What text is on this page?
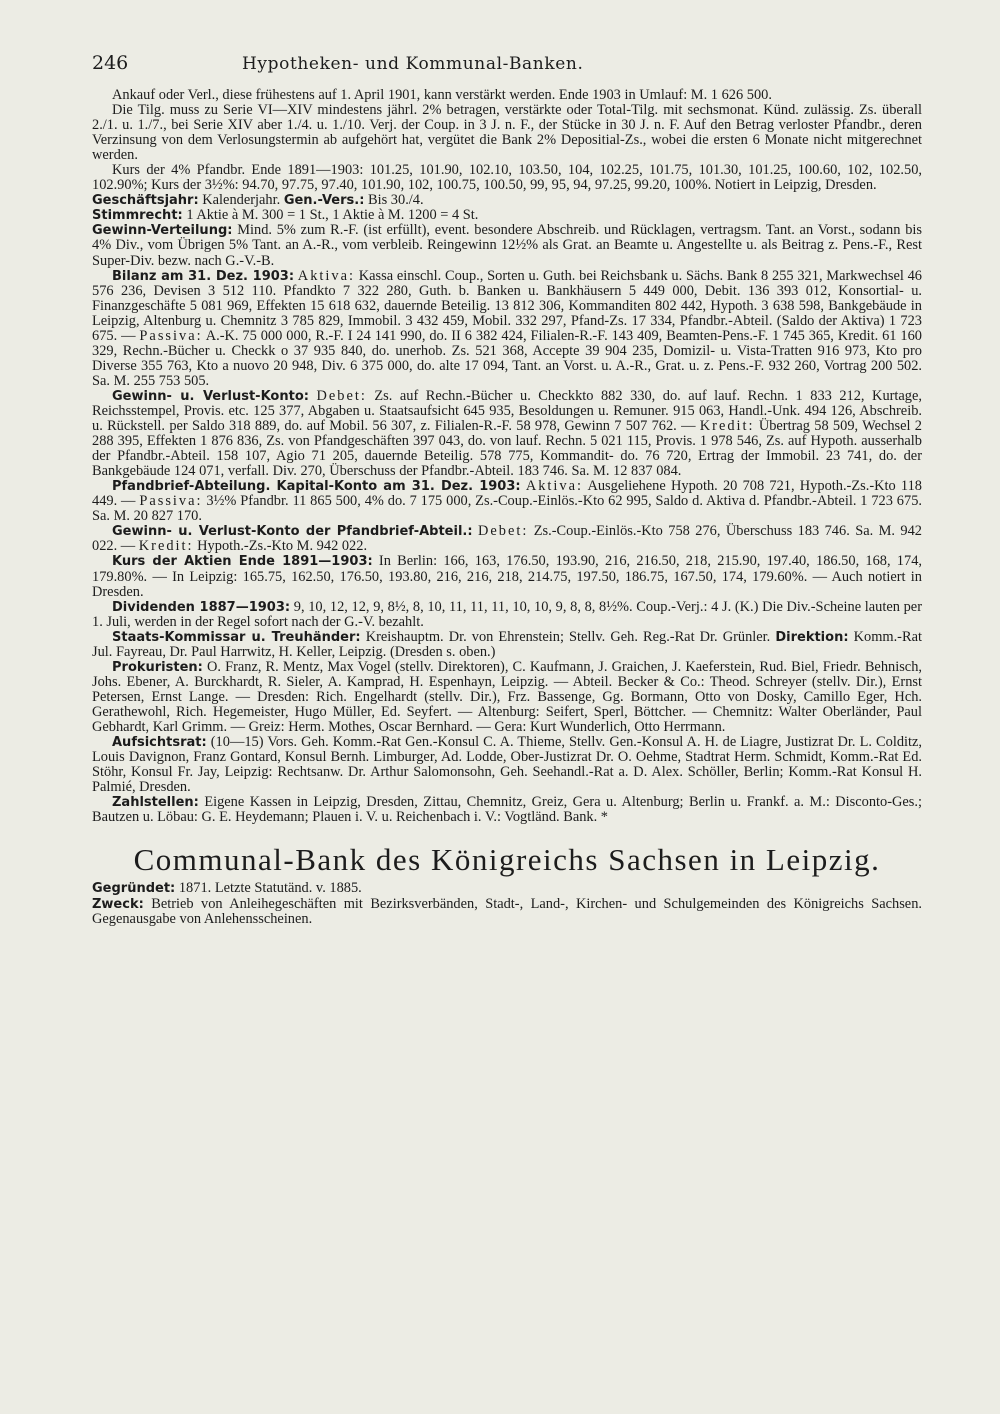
246	Hypotheken- und Kommunal-Banken.

Ankauf oder Verl., diese frühestens auf 1. April 1901, kann verstärkt werden. Ende 1903 in Umlauf: M. 1 626 500.

Die Tilg. muss zu Serie VI—XIV mindestens jährl. 2% betragen, verstärkte oder Total-Tilg. mit sechsmonat. Künd. zulässig. Zs. überall 2./1. u. 1./7., bei Serie XIV aber 1./4. u. 1./10. Verj. der Coup. in 3 J. n. F., der Stücke in 30 J. n. F. Auf den Betrag verloster Pfandbr., deren Verzinsung von dem Verlosungstermin ab aufgehört hat, vergütet die Bank 2% Depositial-Zs., wobei die ersten 6 Monate nicht mitgerechnet werden.

Kurs der 4% Pfandbr. Ende 1891—1903: 101.25, 101.90, 102.10, 103.50, 104, 102.25, 101.75, 101.30, 101.25, 100.60, 102, 102.50, 102.90%; Kurs der 3½%: 94.70, 97.75, 97.40, 101.90, 102, 100.75, 100.50, 99, 95, 94, 97.25, 99.20, 100%. Notiert in Leipzig, Dresden.

Geschäftsjahr: Kalenderjahr. Gen.-Vers.: Bis 30./4.

Stimmrecht: 1 Aktie à M. 300 = 1 St., 1 Aktie à M. 1200 = 4 St.

Gewinn-Verteilung: Mind. 5% zum R.-F. (ist erfüllt), event. besondere Abschreib. und Rücklagen, vertragsm. Tant. an Vorst., sodann bis 4% Div., vom Übrigen 5% Tant. an A.-R., vom verbleib. Reingewinn 12½% als Grat. an Beamte u. Angestellte u. als Beitrag z. Pens.-F., Rest Super-Div. bezw. nach G.-V.-B.

Bilanz am 31. Dez. 1903: Aktiva: Kassa einschl. Coup., Sorten u. Guth. bei Reichsbank u. Sächs. Bank 8 255 321, Markwechsel 46 576 236, Devisen 3 512 110. Pfandkto 7 322 280, Guth. b. Banken u. Bankhäusern 5 449 000, Debit. 136 393 012, Konsortial- u. Finanzgeschäfte 5 081 969, Effekten 15 618 632, dauernde Beteilig. 13 812 306, Kommanditen 802 442, Hypoth. 3 638 598, Bankgebäude in Leipzig, Altenburg u. Chemnitz 3 785 829, Immobil. 3 432 459, Mobil. 332 297, Pfand-Zs. 17 334, Pfandbr.-Abteil. (Saldo der Aktiva) 1 723 675. — Passiva: A.-K. 75 000 000, R.-F. I 24 141 990, do. II 6 382 424, Filialen-R.-F. 143 409, Beamten-Pens.-F. 1 745 365, Kredit. 61 160 329, Rechn.-Bücher u. Checkk o 37 935 840, do. unerhob. Zs. 521 368, Accepte 39 904 235, Domizil- u. Vista-Tratten 916 973, Kto pro Diverse 355 763, Kto a nuovo 20 948, Div. 6 375 000, do. alte 17 094, Tant. an Vorst. u. A.-R., Grat. u. z. Pens.-F. 932 260, Vortrag 200 502. Sa. M. 255 753 505.

Gewinn- u. Verlust-Konto: Debet: Zs. auf Rechn.-Bücher u. Checkkto 882 330, do. auf lauf. Rechn. 1 833 212, Kurtage, Reichsstempel, Provis. etc. 125 377, Abgaben u. Staatsaufsicht 645 935, Besoldungen u. Remuner. 915 063, Handl.-Unk. 494 126, Abschreib. u. Rückstell. per Saldo 318 889, do. auf Mobil. 56 307, z. Filialen-R.-F. 58 978, Gewinn 7 507 762. — Kredit: Übertrag 58 509, Wechsel 2 288 395, Effekten 1 876 836, Zs. von Pfandgeschäften 397 043, do. von lauf. Rechn. 5 021 115, Provis. 1 978 546, Zs. auf Hypoth. ausserhalb der Pfandbr.-Abteil. 158 107, Agio 71 205, dauernde Beteilig. 578 775, Kommandit- do. 76 720, Ertrag der Immobil. 23 741, do. der Bankgebäude 124 071, verfall. Div. 270, Überschuss der Pfandbr.-Abteil. 183 746. Sa. M. 12 837 084.

Pfandbrief-Abteilung. Kapital-Konto am 31. Dez. 1903: Aktiva: Ausgeliehene Hypoth. 20 708 721, Hypoth.-Zs.-Kto 118 449. — Passiva: 3½% Pfandbr. 11 865 500, 4% do. 7 175 000, Zs.-Coup.-Einlös.-Kto 62 995, Saldo d. Aktiva d. Pfandbr.-Abteil. 1 723 675. Sa. M. 20 827 170.

Gewinn- u. Verlust-Konto der Pfandbrief-Abteil.: Debet: Zs.-Coup.-Einlös.-Kto 758 276, Überschuss 183 746. Sa. M. 942 022. — Kredit: Hypoth.-Zs.-Kto M. 942 022.

Kurs der Aktien Ende 1891—1903: In Berlin: 166, 163, 176.50, 193.90, 216, 216.50, 218, 215.90, 197.40, 186.50, 168, 174, 179.80%. — In Leipzig: 165.75, 162.50, 176.50, 193.80, 216, 216, 218, 214.75, 197.50, 186.75, 167.50, 174, 179.60%. — Auch notiert in Dresden.

Dividenden 1887—1903: 9, 10, 12, 12, 9, 8½, 8, 10, 11, 11, 11, 10, 10, 9, 8, 8, 8½%. Coup.-Verj.: 4 J. (K.) Die Div.-Scheine lauten per 1. Juli, werden in der Regel sofort nach der G.-V. bezahlt.

Staats-Kommissar u. Treuhänder: Kreishauptm. Dr. von Ehrenstein; Stellv. Geh. Reg.-Rat Dr. Grünler. Direktion: Komm.-Rat Jul. Fayreau, Dr. Paul Harrwitz, H. Keller, Leipzig. (Dresden s. oben.)

Prokuristen: O. Franz, R. Mentz, Max Vogel (stellv. Direktoren), C. Kaufmann, J. Graichen, J. Kaeferstein, Rud. Biel, Friedr. Behnisch, Johs. Ebener, A. Burckhardt, R. Sieler, A. Kamprad, H. Espenhayn, Leipzig. — Abteil. Becker & Co.: Theod. Schreyer (stellv. Dir.), Ernst Petersen, Ernst Lange. — Dresden: Rich. Engelhardt (stellv. Dir.), Frz. Bassenge, Gg. Bormann, Otto von Dosky, Camillo Eger, Hch. Gerathewohl, Rich. Hegemeister, Hugo Müller, Ed. Seyfert. — Altenburg: Seifert, Sperl, Böttcher. — Chemnitz: Walter Oberländer, Paul Gebhardt, Karl Grimm. — Greiz: Herm. Mothes, Oscar Bernhard. — Gera: Kurt Wunderlich, Otto Herrmann.

Aufsichtsrat: (10—15) Vors. Geh. Komm.-Rat Gen.-Konsul C. A. Thieme, Stellv. Gen.-Konsul A. H. de Liagre, Justizrat Dr. L. Colditz, Louis Davignon, Franz Gontard, Konsul Bernh. Limburger, Ad. Lodde, Ober-Justizrat Dr. O. Oehme, Stadtrat Herm. Schmidt, Komm.-Rat Ed. Stöhr, Konsul Fr. Jay, Leipzig: Rechtsanw. Dr. Arthur Salomonsohn, Geh. Seehandl.-Rat a. D. Alex. Schöller, Berlin; Komm.-Rat Konsul H. Palmié, Dresden.

Zahlstellen: Eigene Kassen in Leipzig, Dresden, Zittau, Chemnitz, Greiz, Gera u. Altenburg; Berlin u. Frankf. a. M.: Disconto-Ges.; Bautzen u. Löbau: G. E. Heydemann; Plauen i. V. u. Reichenbach i. V.: Vogtländ. Bank. *

Communal-Bank des Königreichs Sachsen in Leipzig.

Gegründet: 1871. Letzte Statutänd. v. 1885.

Zweck: Betrieb von Anleihegeschäften mit Bezirksverbänden, Stadt-, Land-, Kirchen- und Schulgemeinden des Königreichs Sachsen. Gegenausgabe von Anlehensscheinen.
